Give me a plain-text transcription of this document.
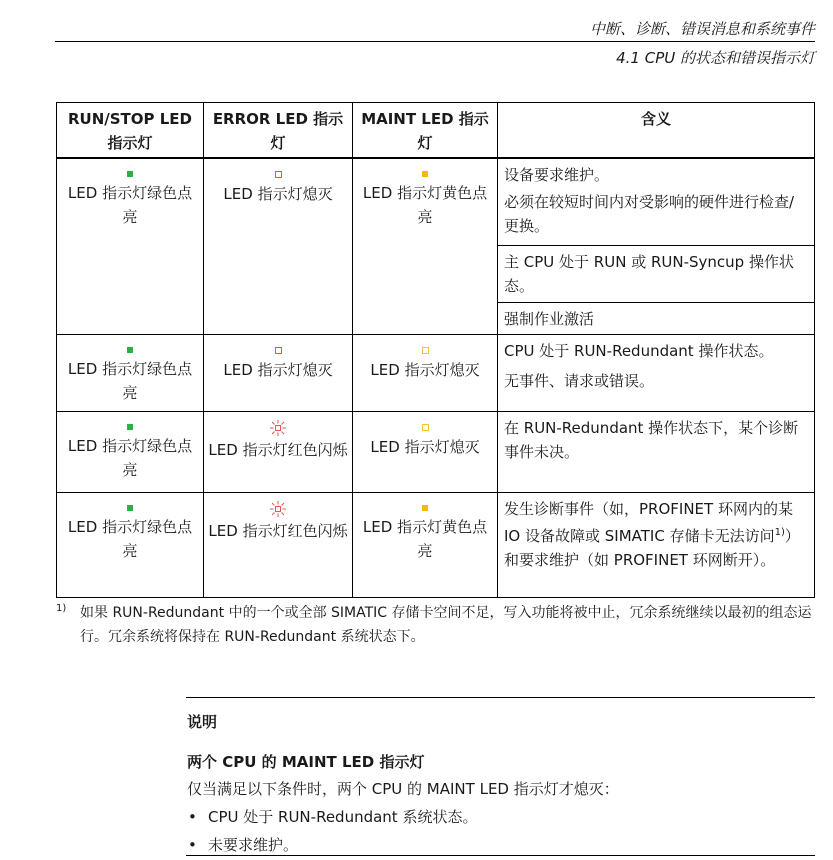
中断、诊断、错误消息和系统事件
4.1 CPU 的状态和错误指示灯
RUN/STOP LED 指示灯	ERROR LED 指示灯	MAINT LED 指示灯	含义

LED 指示灯绿色点亮	LED 指示灯熄灭	LED 指示灯黄色点亮	设备要求维护。
必须在较短时间内对受影响的硬件进行检查/更换。

			主 CPU 处于 RUN 或 RUN-Syncup 操作状态。

			强制作业激活

LED 指示灯绿色点亮	LED 指示灯熄灭	LED 指示灯熄灭	CPU 处于 RUN-Redundant 操作状态。
无事件、请求或错误。

LED 指示灯绿色点亮	LED 指示灯红色闪烁	LED 指示灯熄灭	在 RUN-Redundant 操作状态下，某个诊断事件未决。

LED 指示灯绿色点亮	LED 指示灯红色闪烁	LED 指示灯黄色点亮	发生诊断事件（如，PROFINET 环网内的某 IO 设备故障或 SIMATIC 存储卡无法访问$^{1)}$）和要求维护（如 PROFINET 环网断开）。
1) 如果 RUN-Redundant 中的一个或全部 SIMATIC 存储卡空间不足，写入功能将被中止，冗余系统继续以最初的组态运行。冗余系统将保持在 RUN-Redundant 系统状态下。
说明
两个 CPU 的 MAINT LED 指示灯
仅当满足以下条件时，两个 CPU 的 MAINT LED 指示灯才熄灭：
• CPU 处于 RUN-Redundant 系统状态。
• 未要求维护。
